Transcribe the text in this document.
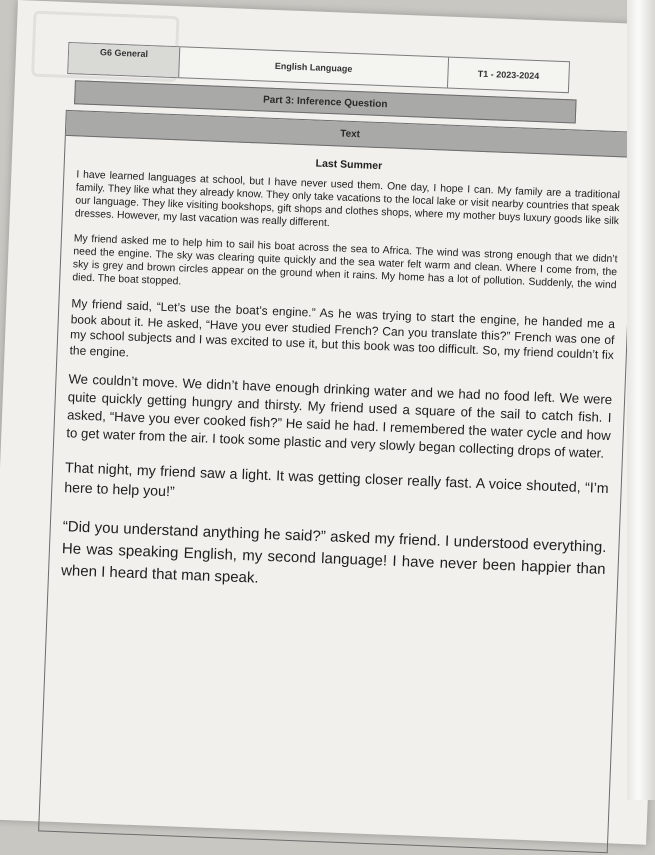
G6 General
English Language
T1 - 2023-2024
Part 3: Inference Question
Text
Last Summer

I have learned languages at school, but I have never used them. One day, I hope I can. My family are a traditional family. They like what they already know. They only take vacations to the local lake or visit nearby countries that speak our language. They like visiting bookshops, gift shops and clothes shops, where my mother buys luxury goods like silk dresses. However, my last vacation was really different.

My friend asked me to help him to sail his boat across the sea to Africa. The wind was strong enough that we didn’t need the engine. The sky was clearing quite quickly and the sea water felt warm and clean. Where I come from, the sky is grey and brown circles appear on the ground when it rains. My home has a lot of pollution. Suddenly, the wind died. The boat stopped.

My friend said, “Let’s use the boat’s engine.” As he was trying to start the engine, he handed me a book about it. He asked, “Have you ever studied French? Can you translate this?” French was one of my school subjects and I was excited to use it, but this book was too difficult. So, my friend couldn’t fix the engine.

We couldn’t move. We didn’t have enough drinking water and we had no food left. We were quite quickly getting hungry and thirsty. My friend used a square of the sail to catch fish. I asked, “Have you ever cooked fish?” He said he had. I remembered the water cycle and how to get water from the air. I took some plastic and very slowly began collecting drops of water.

That night, my friend saw a light. It was getting closer really fast. A voice shouted, “I’m here to help you!”

“Did you understand anything he said?” asked my friend. I understood everything. He was speaking English, my second language! I have never been happier than when I heard that man speak.
